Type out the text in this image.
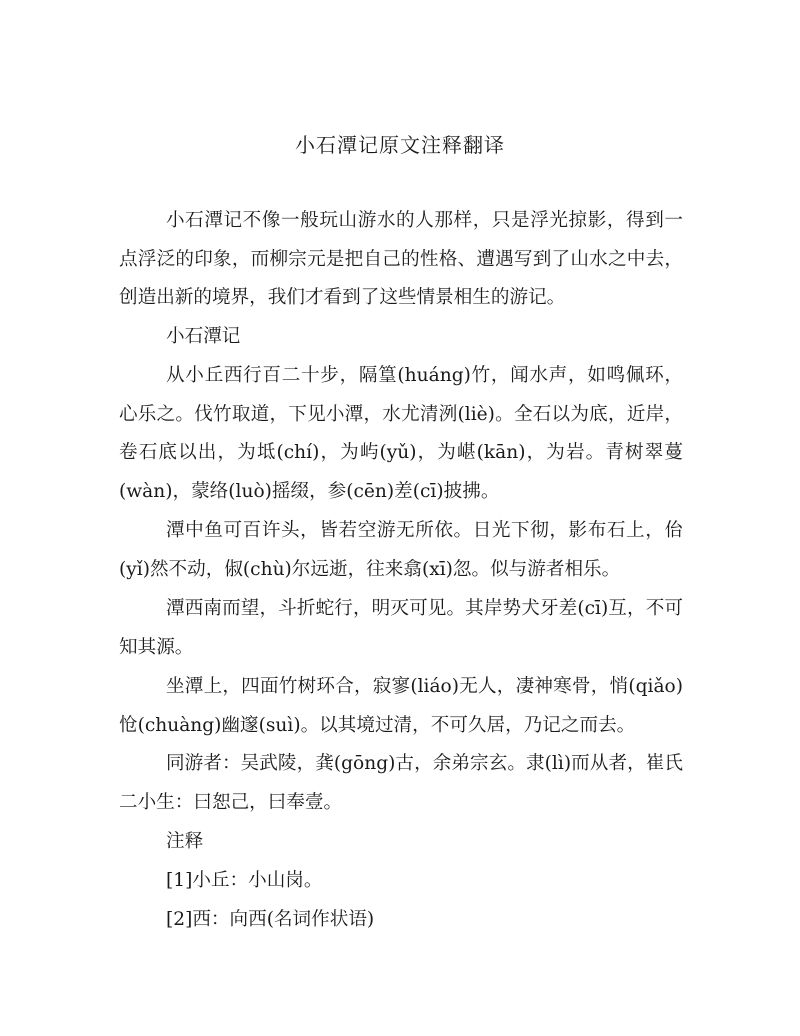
小石潭记原文注释翻译

小石潭记不像一般玩山游水的人那样，只是浮光掠影，得到一点浮泛的印象，而柳宗元是把自己的性格、遭遇写到了山水之中去，创造出新的境界，我们才看到了这些情景相生的游记。

小石潭记

从小丘西行百二十步，隔篁(huáng)竹，闻水声，如鸣佩环，心乐之。伐竹取道，下见小潭，水尤清洌(liè)。全石以为底，近岸，卷石底以出，为坻(chí)，为屿(yǔ)，为嵁(kān)，为岩。青树翠蔓(wàn)，蒙络(luò)摇缀，参(cēn)差(cī)披拂。

潭中鱼可百许头，皆若空游无所依。日光下彻，影布石上，佁(yǐ)然不动，俶(chù)尔远逝，往来翕(xī)忽。似与游者相乐。

潭西南而望，斗折蛇行，明灭可见。其岸势犬牙差(cī)互，不可知其源。

坐潭上，四面竹树环合，寂寥(liáo)无人，凄神寒骨，悄(qiǎo)怆(chuàng)幽邃(suì)。以其境过清，不可久居，乃记之而去。

同游者：吴武陵，龚(gōng)古，余弟宗玄。隶(lì)而从者，崔氏二小生：曰恕己，曰奉壹。

注释

[1]小丘：小山岗。

[2]西：向西(名词作状语)
